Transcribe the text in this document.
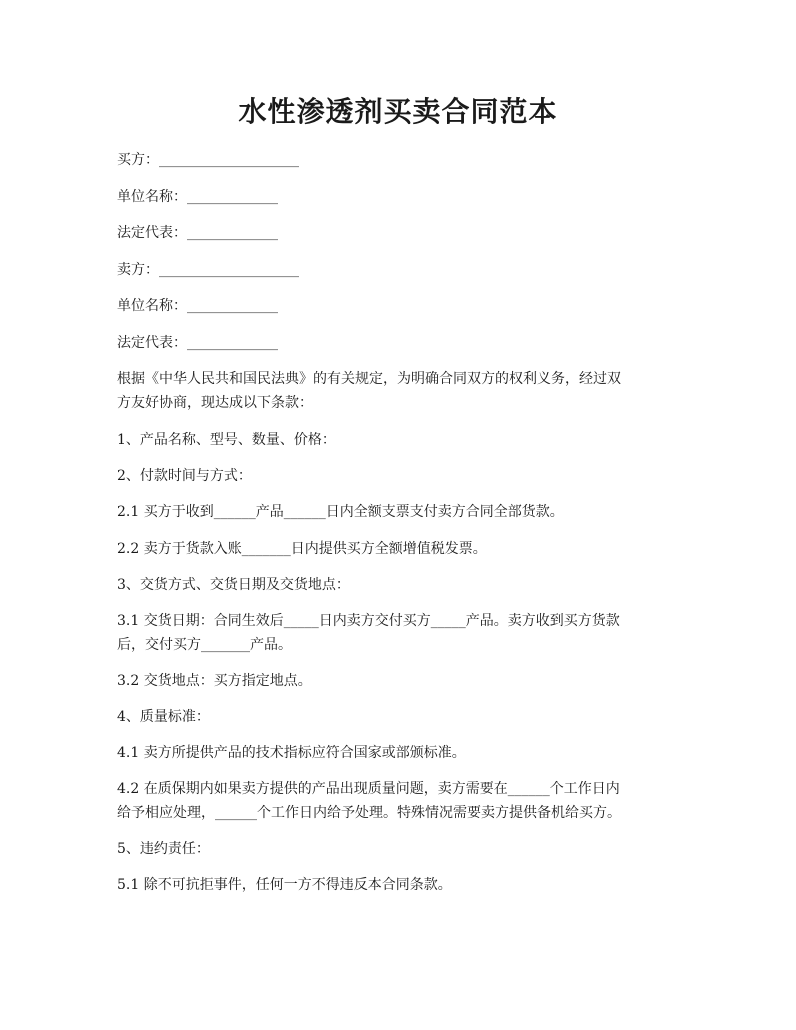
水性渗透剂买卖合同范本
买方：____________________
单位名称：_____________
法定代表：_____________
卖方：____________________
单位名称：_____________
法定代表：_____________
根据《中华人民共和国民法典》的有关规定，为明确合同双方的权利义务，经过双
方友好协商，现达成以下条款：
1、产品名称、型号、数量、价格：
2、付款时间与方式：
2.1 买方于收到______产品______日内全额支票支付卖方合同全部货款。
2.2 卖方于货款入账_______日内提供买方全额增值税发票。
3、交货方式、交货日期及交货地点：
3.1 交货日期：合同生效后_____日内卖方交付买方_____产品。卖方收到买方货款
后，交付买方_______产品。
3.2 交货地点：买方指定地点。
4、质量标准：
4.1 卖方所提供产品的技术指标应符合国家或部颁标准。
4.2 在质保期内如果卖方提供的产品出现质量问题，卖方需要在______个工作日内
给予相应处理，______个工作日内给予处理。特殊情况需要卖方提供备机给买方。
5、违约责任：
5.1 除不可抗拒事件，任何一方不得违反本合同条款。
